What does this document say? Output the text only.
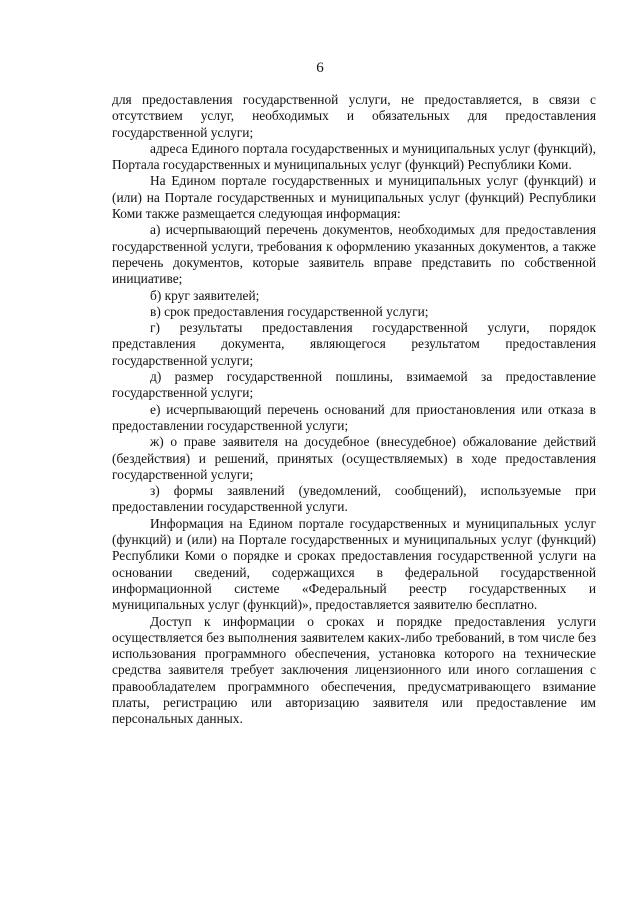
6

для предоставления государственной услуги, не предоставляется, в связи с отсутствием услуг, необходимых и обязательных для предоставления государственной услуги;

адреса Единого портала государственных и муниципальных услуг (функций), Портала государственных и муниципальных услуг (функций) Республики Коми.

На Едином портале государственных и муниципальных услуг (функций) и (или) на Портале государственных и муниципальных услуг (функций) Республики Коми также размещается следующая информация:

а) исчерпывающий перечень документов, необходимых для предоставления государственной услуги, требования к оформлению указанных документов, а также перечень документов, которые заявитель вправе представить по собственной инициативе;

б) круг заявителей;

в) срок предоставления государственной услуги;

г) результаты предоставления государственной услуги, порядок представления документа, являющегося результатом предоставления государственной услуги;

д) размер государственной пошлины, взимаемой за предоставление государственной услуги;

е) исчерпывающий перечень оснований для приостановления или отказа в предоставлении государственной услуги;

ж) о праве заявителя на досудебное (внесудебное) обжалование действий (бездействия) и решений, принятых (осуществляемых) в ходе предоставления государственной услуги;

з) формы заявлений (уведомлений, сообщений), используемые при предоставлении государственной услуги.

Информация на Едином портале государственных и муниципальных услуг (функций) и (или) на Портале государственных и муниципальных услуг (функций) Республики Коми о порядке и сроках предоставления государственной услуги на основании сведений, содержащихся в федеральной государственной информационной системе «Федеральный реестр государственных и муниципальных услуг (функций)», предоставляется заявителю бесплатно.

Доступ к информации о сроках и порядке предоставления услуги осуществляется без выполнения заявителем каких-либо требований, в том числе без использования программного обеспечения, установка которого на технические средства заявителя требует заключения лицензионного или иного соглашения с правообладателем программного обеспечения, предусматривающего взимание платы, регистрацию или авторизацию заявителя или предоставление им персональных данных.
